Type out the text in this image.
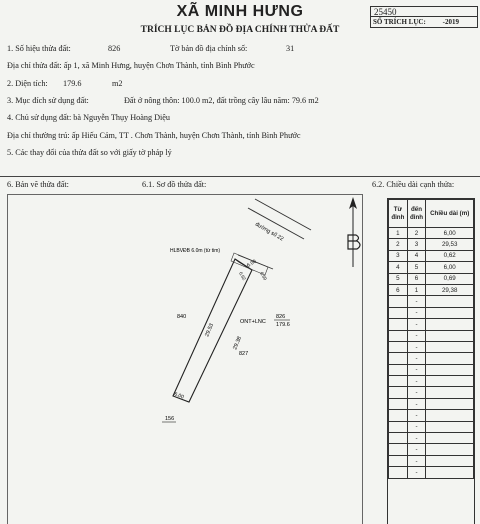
25450
SỐ TRÍCH LỤC: -2019
XÃ MINH HƯNG
TRÍCH LỤC BẢN ĐỒ ĐỊA CHÍNH THỬA ĐẤT
1. Số hiệu thửa đất:	826	Tờ bản đồ địa chính số:	31
Địa chỉ thửa đất: ấp 1, xã Minh Hưng, huyện Chơn Thành, tỉnh Bình Phước
2. Diện tích: 179.6	m2
3. Mục đích sử dụng đất:	Đất ở nông thôn: 100.0 m2, đất trồng cây lâu năm: 79.6 m2
4. Chủ sử dụng đất: bà Nguyễn Thụy Hoàng Diệu
Địa chỉ thường trú: ấp Hiếu Cảm, TT . Chơn Thành, huyện Chơn Thành, tỉnh Bình Phước
5. Các thay đổi của thửa đất so với giấy tờ pháp lý
6. Bản vẽ thửa đất:	6.1. Sơ đồ thửa đất:	6.2. Chiều dài cạnh thửa:
đường số 22
HLBVĐB 6.0m (từ tim)
6.00
0.62	0.69
29.53
29.38
6.00
ONT+LNC
826
179.6
840
827
156
Từ đỉnh	đến đỉnh	Chiều dài (m)
1	2	6,00
2	3	29,53
3	4	0,62
4	5	6,00
5	6	0,69
6	1	29,38
	-	
	-	
	-	
	-	
	-	
	-	
	-	
	-	
	-	
	-	
	-	
	-	
	-	
	-	
	-	
	-	
